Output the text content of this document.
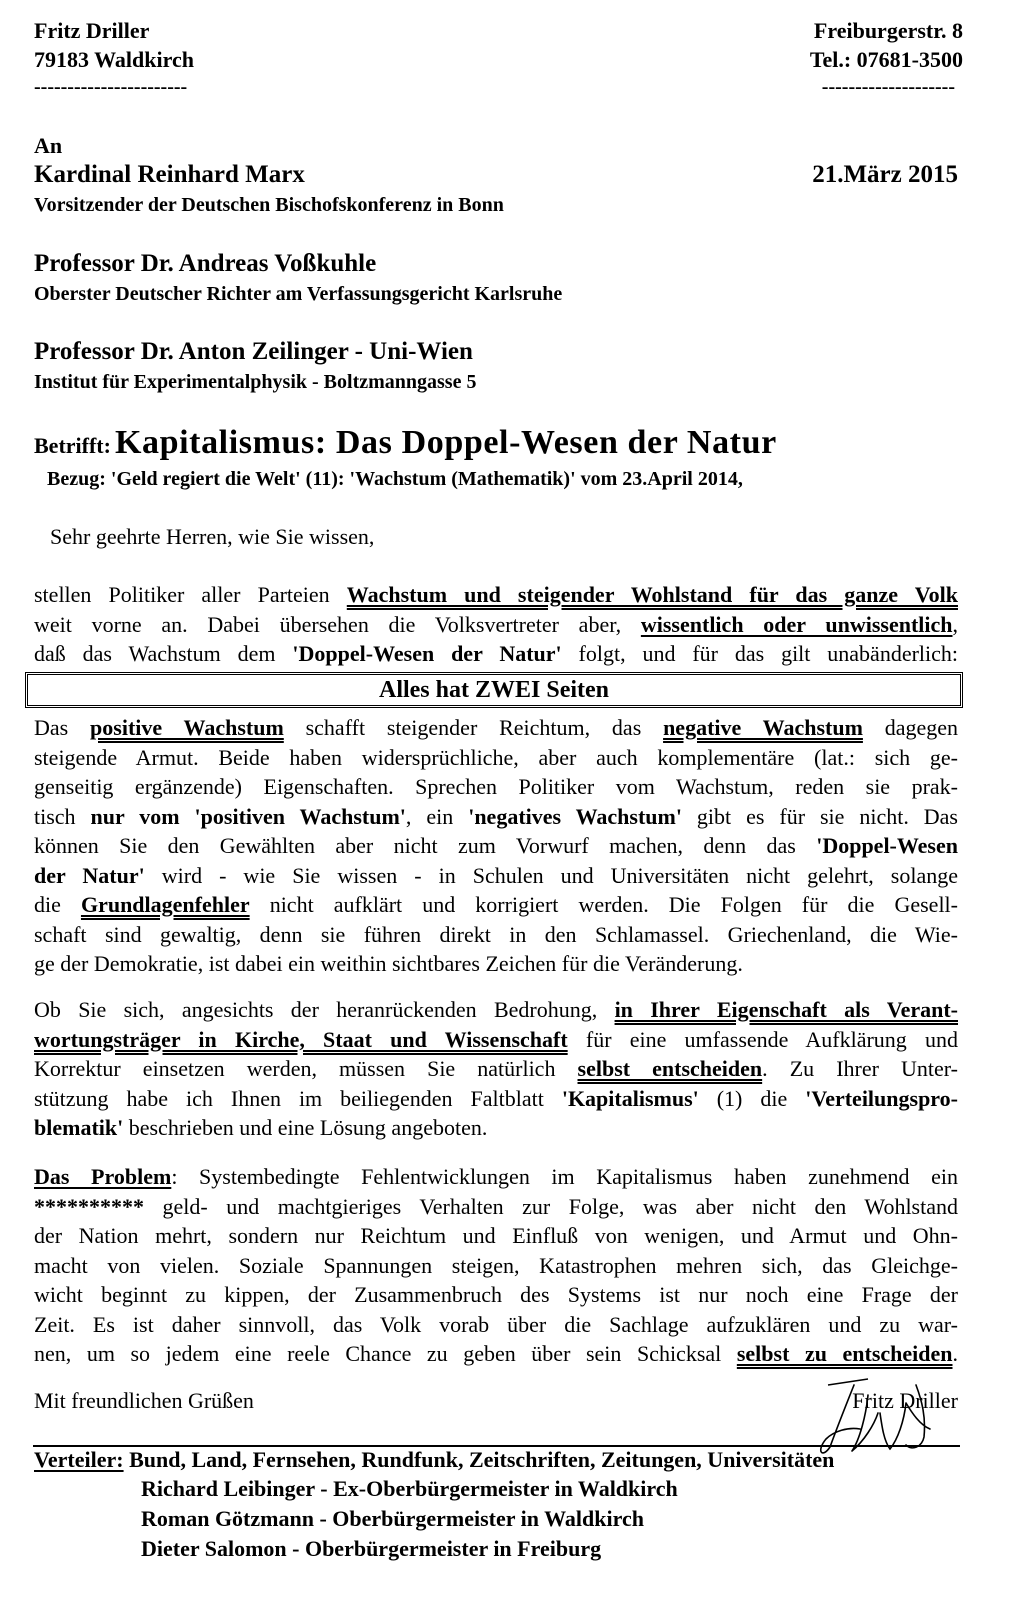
Fritz Driller
79183 Waldkirch
-----------------------
Freiburgerstr. 8
Tel.: 07681-3500
--------------------
An
Kardinal Reinhard Marx	21.März 2015
Vorsitzender der Deutschen Bischofskonferenz in Bonn
Professor Dr. Andreas Voßkuhle
Oberster Deutscher Richter am Verfassungsgericht Karlsruhe
Professor Dr. Anton Zeilinger - Uni-Wien
Institut für Experimentalphysik - Boltzmanngasse 5
Betrifft: Kapitalismus: Das Doppel-Wesen der Natur
Bezug: 'Geld regiert die Welt' (11): 'Wachstum (Mathematik)' vom 23.April 2014,
Sehr geehrte Herren, wie Sie wissen,
stellen Politiker aller Parteien Wachstum und steigender Wohlstand für das ganze Volk
weit vorne an. Dabei übersehen die Volksvertreter aber, wissentlich oder unwissentlich,
daß das Wachstum dem 'Doppel-Wesen der Natur' folgt, und für das gilt unabänderlich:
Alles hat ZWEI Seiten
Das positive Wachstum schafft steigender Reichtum, das negative Wachstum dagegen
steigende Armut. Beide haben widersprüchliche, aber auch komplementäre (lat.: sich ge-
genseitig ergänzende) Eigenschaften. Sprechen Politiker vom Wachstum, reden sie prak-
tisch nur vom 'positiven Wachstum', ein 'negatives Wachstum' gibt es für sie nicht. Das
können Sie den Gewählten aber nicht zum Vorwurf machen, denn das 'Doppel-Wesen
der Natur' wird - wie Sie wissen - in Schulen und Universitäten nicht gelehrt, solange
die Grundlagenfehler nicht aufklärt und korrigiert werden. Die Folgen für die Gesell-
schaft sind gewaltig, denn sie führen direkt in den Schlamassel. Griechenland, die Wie-
ge der Demokratie, ist dabei ein weithin sichtbares Zeichen für die Veränderung.
Ob Sie sich, angesichts der heranrückenden Bedrohung, in Ihrer Eigenschaft als Verant-
wortungsträger in Kirche, Staat und Wissenschaft für eine umfassende Aufklärung und
Korrektur einsetzen werden, müssen Sie natürlich selbst entscheiden. Zu Ihrer Unter-
stützung habe ich Ihnen im beiliegenden Faltblatt 'Kapitalismus' (1) die 'Verteilungspro-
blematik' beschrieben und eine Lösung angeboten.
Das Problem: Systembedingte Fehlentwicklungen im Kapitalismus haben zunehmend ein
********** geld- und machtgieriges Verhalten zur Folge, was aber nicht den Wohlstand
der Nation mehrt, sondern nur Reichtum und Einfluß von wenigen, und Armut und Ohn-
macht von vielen. Soziale Spannungen steigen, Katastrophen mehren sich, das Gleichge-
wicht beginnt zu kippen, der Zusammenbruch des Systems ist nur noch eine Frage der
Zeit. Es ist daher sinnvoll, das Volk vorab über die Sachlage aufzuklären und zu war-
nen, um so jedem eine reele Chance zu geben über sein Schicksal selbst zu entscheiden.
Mit freundlichen Grüßen	Fritz Driller
Verteiler: Bund, Land, Fernsehen, Rundfunk, Zeitschriften, Zeitungen, Universitäten
Richard Leibinger - Ex-Oberbürgermeister in Waldkirch
Roman Götzmann - Oberbürgermeister in Waldkirch
Dieter Salomon - Oberbürgermeister in Freiburg
